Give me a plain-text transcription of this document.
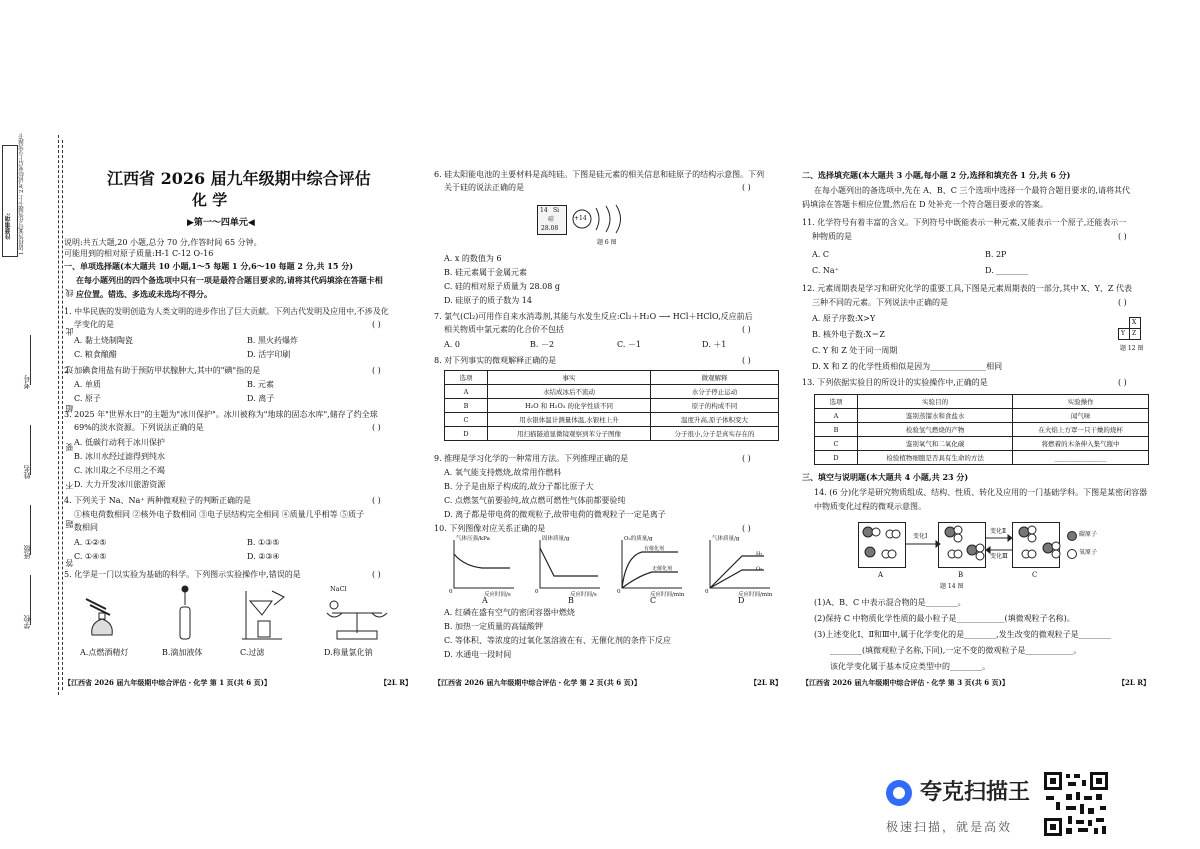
注意事项: 1.请将答案写在答题卡上 2.考试结束后上交答题卡
答 题 不 要 超 过 此 线
考号
姓名
班级
学校
江西省 2026 届九年级期中综合评估
化 学
▶第一～四单元◀
说明:共五大题,20 小题,总分 70 分,作答时间 65 分钟。
可能用到的相对原子质量:H-1 C-12 O-16
一、单项选择题(本大题共 10 小题,1～5 每题 1 分,6～10 每题 2 分,共 15 分)
在每小题列出的四个备选项中只有一项是最符合题目要求的,请将其代码填涂在答题卡相
应位置。错选、多选或未选均不得分。
1. 中华民族的发明创造为人类文明的进步作出了巨大贡献。下列古代发明及应用中,不涉及化
学变化的是	( )
A. 黏土烧制陶瓷	B. 黑火药爆炸
C. 粮食酿醋	D. 活字印刷
2. 加碘食用盐有助于预防甲状腺肿大,其中的"碘"指的是	( )
A. 单质	B. 元素
C. 原子	D. 离子
3. 2025 年"世界水日"的主题为"冰川保护"。冰川被称为"地球的固态水库",储存了约全球
69%的淡水资源。下列说法正确的是	( )
A. 低碳行动利于冰川保护
B. 冰川水经过滤得到纯水
C. 冰川取之不尽用之不竭
D. 大力开发冰川旅游资源
4. 下列关于 Na、Na⁺ 两种微观粒子的判断正确的是	( )
①核电荷数相同 ②核外电子数相同 ③电子层结构完全相同 ④质量几乎相等 ⑤质子
数相同
A. ①②⑤	B. ①③⑤
C. ①④⑤	D. ②③④
5. 化学是一门以实验为基础的科学。下列图示实验操作中,错误的是	( )
NaCl
A.点燃酒精灯	B.滴加液体	C.过滤	D.称量氯化钠
【江西省 2026 届九年级期中综合评估・化学 第 1 页(共 6 页)】	【2L R】
6. 硅太阳能电池的主要材料是高纯硅。下图是硅元素的相关信息和硅原子的结构示意图。下列
关于硅的说法正确的是	( )
14 Si
硅
28.08
+14
题 6 图
A. x 的数值为 6
B. 硅元素属于金属元素
C. 硅的相对原子质量为 28.08 g
D. 硅原子的质子数为 14
7. 氯气(Cl₂)可用作自来水消毒剂,其能与水发生反应:Cl₂＋H₂O ⟶ HCl＋HClO,反应前后
相关物质中氯元素的化合价不包括	( )
A. 0	B. －2	C. －1	D. ＋1
8. 对下列事实的微观解释正确的是	( )
选项	事实	微观解释
A	水结成冰后不流动	水分子停止运动
B	H₂O 和 H₂O₂ 的化学性质不同	原子的构成不同
C	用水银体温计测量体温,水银柱上升	温度升高,原子体积变大
D	用扫描隧道显微镜观察到苯分子图像	分子很小,分子是真实存在的
9. 推理是学习化学的一种常用方法。下列推理正确的是	( )
A. 氧气能支持燃烧,故常用作燃料
B. 分子是由原子构成的,故分子都比原子大
C. 点燃氢气前要验纯,故点燃可燃性气体前都要验纯
D. 离子都是带电荷的微观粒子,故带电荷的微观粒子一定是离子
10. 下列图像对应关系正确的是	( )
气体压强/kPa
反应时间/s
固体质量/g
反应时间/s
O₂的质量/g
反应时间/min
有催化剂
无催化剂
气体质量/g
反应时间/min
H₂
O₂
0	0	0	0
A	B	C	D
A. 红磷在盛有空气的密闭容器中燃烧
B. 加热一定质量的高锰酸钾
C. 等体积、等浓度的过氧化氢溶液在有、无催化剂的条件下反应
D. 水通电一段时间
【江西省 2026 届九年级期中综合评估・化学 第 2 页(共 6 页)】	【2L R】
二、选择填充题(本大题共 3 小题,每小题 2 分,选择和填充各 1 分,共 6 分)
在每小题列出的备选项中,先在 A、B、C 三个选项中选择一个最符合题目要求的,请将其代
码填涂在答题卡相应位置,然后在 D 处补充一个符合题目要求的答案。
11. 化学符号有着丰富的含义。下列符号中既能表示一种元素,又能表示一个原子,还能表示一
种物质的是	( )
A. C	B. 2P
C. Na⁺	D. ________
12. 元素周期表是学习和研究化学的重要工具,下图是元素周期表的一部分,其中 X、Y、Z 代表
三种不同的元素。下列说法中正确的是	( )
A. 原子序数:X>Y
B. 核外电子数:X＝Z
C. Y 和 Z 处于同一周期
D. X 和 Z 的化学性质相似是因为______________相同
X
Y Z
题 12 图
13. 下列依据实验目的所设计的实验操作中,正确的是	( )
选项	实验目的	实验操作
A	鉴别蒸馏水和食盐水	闻气味
B	检验氢气燃烧的产物	在火焰上方罩一只干燥的烧杯
C	鉴别氧气和二氧化碳	将燃着的木条伸入集气瓶中
D	检验植物细胞是否具有生命的方法	________________
三、填空与说明题(本大题共 4 小题,共 23 分)
14. (6 分)化学是研究物质组成、结构、性质、转化及应用的一门基础学科。下图是某密闭容器
中物质变化过程的微观示意图。
变化Ⅰ
变化Ⅱ
变化Ⅲ
A	B	C
碳原子
氧原子
题 14 图
(1)A、B、C 中表示混合物的是________。
(2)保持 C 中物质化学性质的最小粒子是____________(填微观粒子名称)。
(3)上述变化Ⅰ、Ⅱ和Ⅲ中,属于化学变化的是________,发生改变的微观粒子是________
________(填微观粒子名称,下同),一定不变的微观粒子是____________。
该化学变化属于基本反应类型中的________。
【江西省 2026 届九年级期中综合评估・化学 第 3 页(共 6 页)】	【2L R】
夸克扫描王
极速扫描，就是高效
